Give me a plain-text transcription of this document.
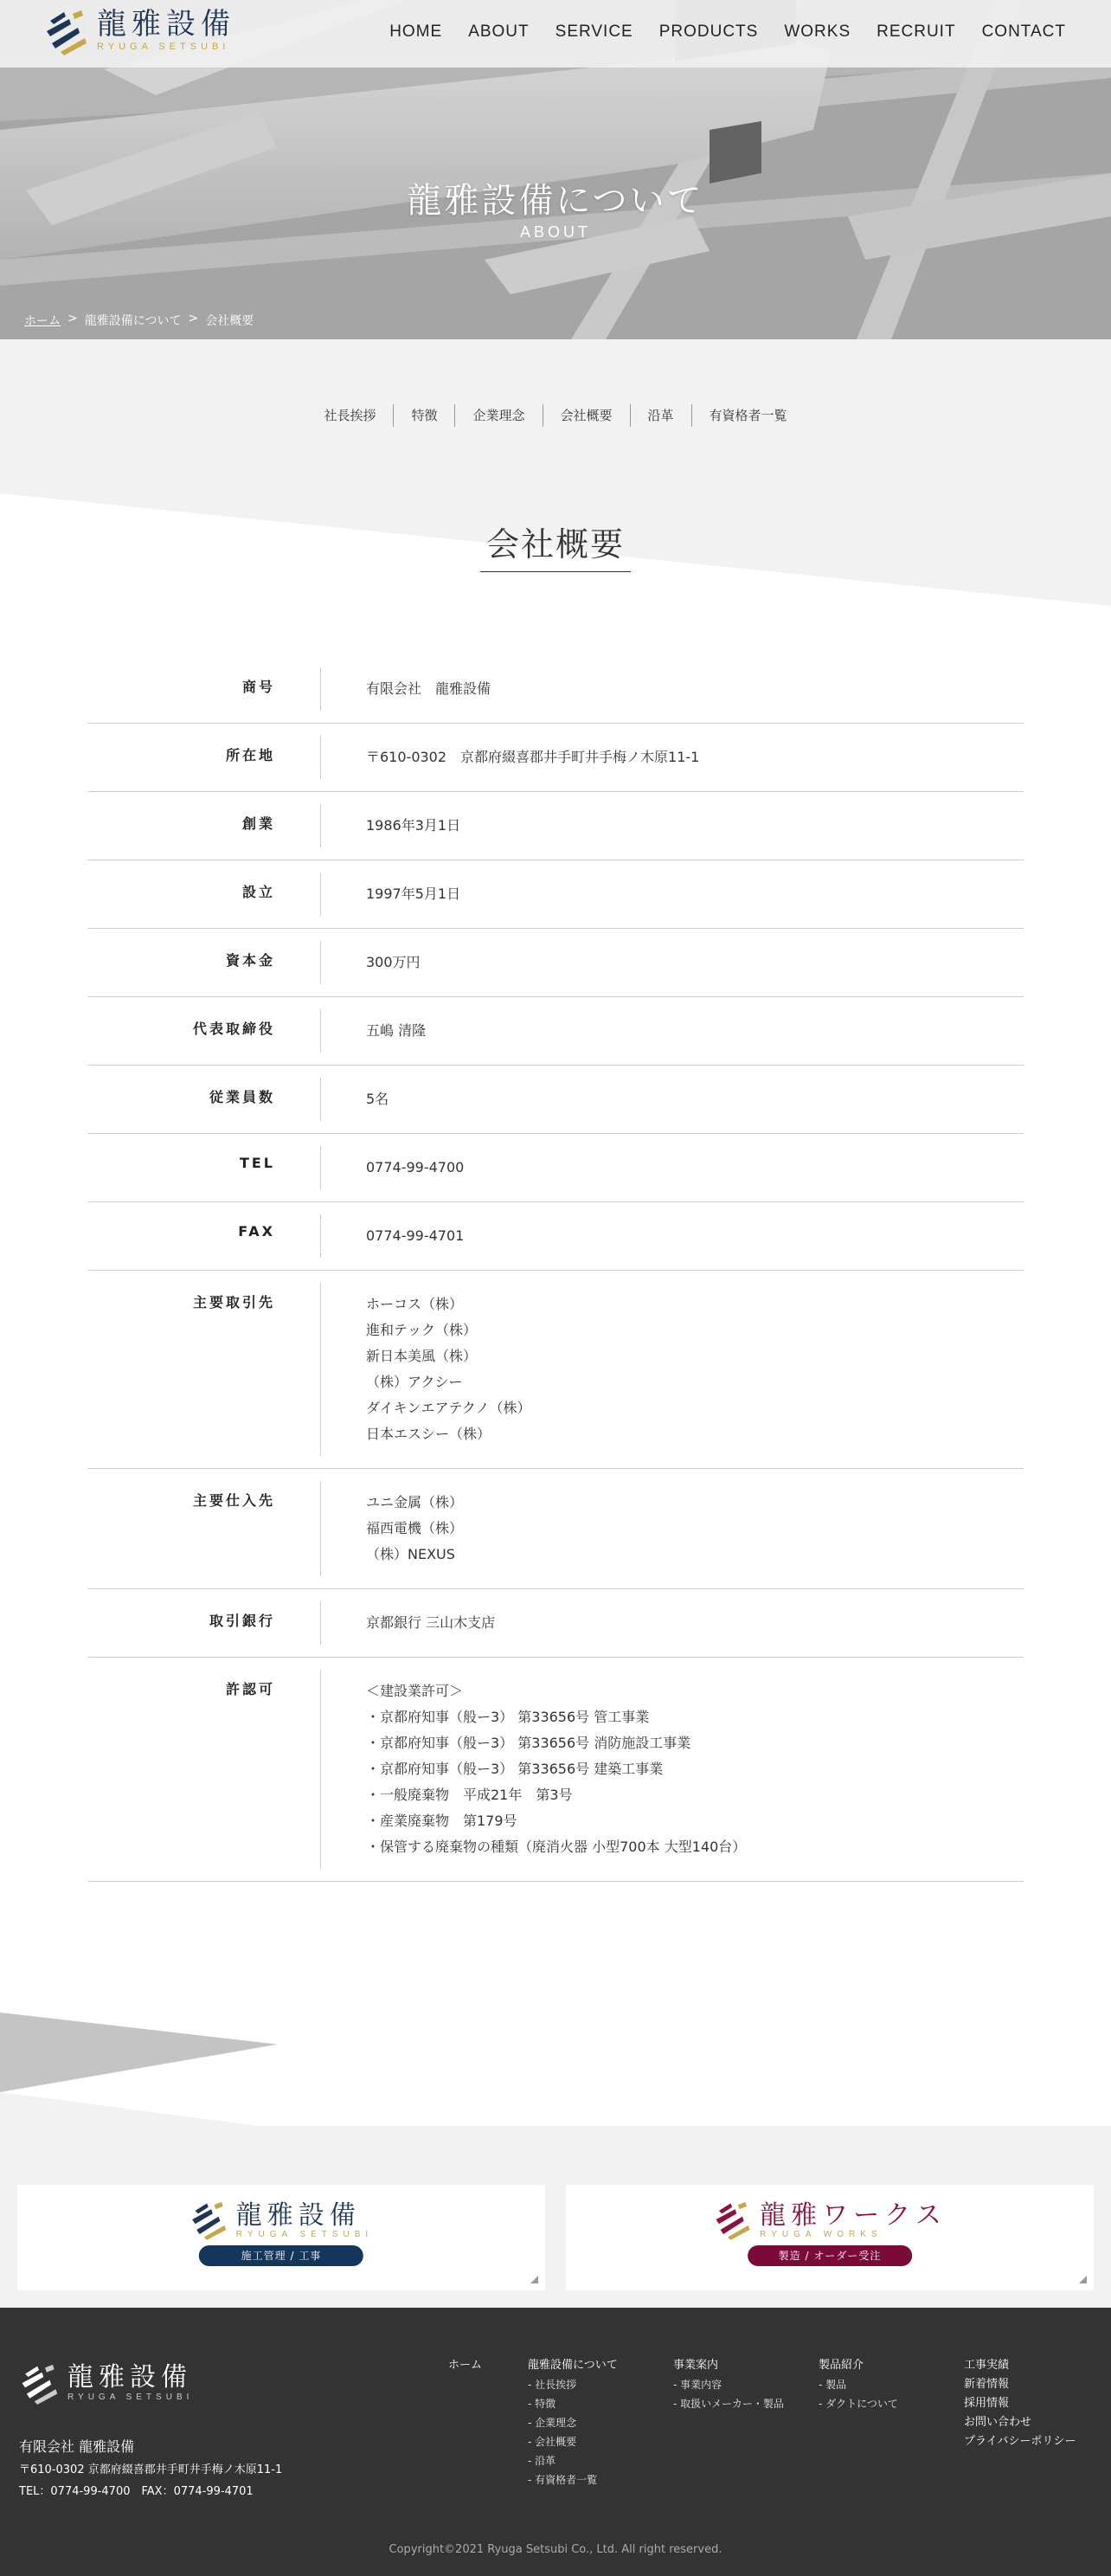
龍雅設備について
ABOUT
ホーム > 龍雅設備について > 会社概要
龍雅設備
RYUGA SETSUBI
HOME ABOUT SERVICE PRODUCTS WORKS RECRUIT CONTACT
社長挨拶	特徴	企業理念	会社概要	沿革	有資格者一覧
会社概要
商号	有限会社　龍雅設備
所在地	〒610-0302　京都府綴喜郡井手町井手梅ノ木原11-1
創業	1986年3月1日
設立	1997年5月1日
資本金	300万円
代表取締役	五嶋 清隆
従業員数	5名
TEL	0774-99-4700
FAX	0774-99-4701
主要取引先	ホーコス（株）
進和テック（株）
新日本美風（株）
（株）アクシー
ダイキンエアテクノ（株）
日本エスシー（株）
主要仕入先	ユニ金属（株）
福西電機（株）
（株）NEXUS
取引銀行	京都銀行 三山木支店
許認可	＜建設業許可＞
・京都府知事（般ー3） 第33656号 管工事業
・京都府知事（般ー3） 第33656号 消防施設工事業
・京都府知事（般ー3） 第33656号 建築工事業
・一般廃棄物　平成21年　第3号
・産業廃棄物　第179号
・保管する廃棄物の種類（廃消火器 小型700本 大型140台）
龍雅設備
RYUGA SETSUBI
施工管理 / 工事
龍雅ワークス
RYUGA WORKS
製造 / オーダー受注
龍雅設備
RYUGA SETSUBI
有限会社 龍雅設備
〒610-0302 京都府綴喜郡井手町井手梅ノ木原11-1
TEL：0774-99-4700　FAX：0774-99-4701
ホーム	龍雅設備について
- 社長挨拶
- 特徴
- 企業理念
- 会社概要
- 沿革
- 有資格者一覧
事業案内
- 事業内容
- 取扱いメーカー・製品
製品紹介
- 製品
- ダクトについて
工事実績
新着情報
採用情報
お問い合わせ
プライバシーポリシー
Copyright©2021 Ryuga Setsubi Co., Ltd. All right reserved.
